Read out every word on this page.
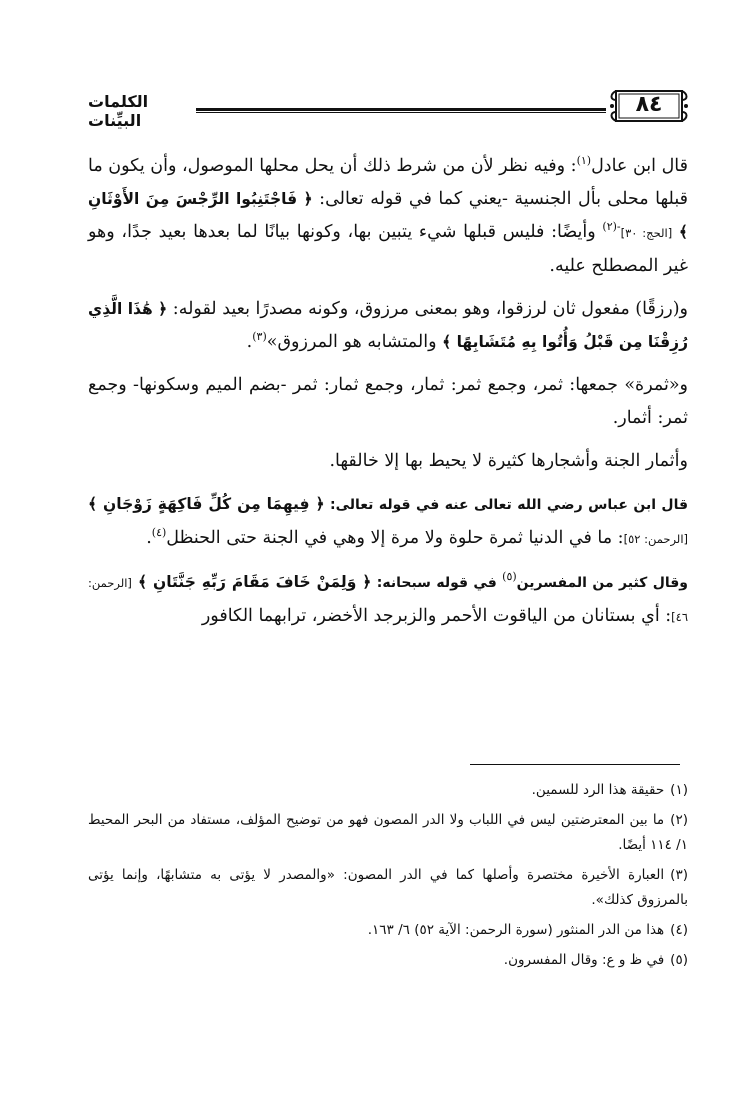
٨٤
الكلمات البيِّنات

قال ابن عادل$^{(١)}$: وفيه نظر لأن من شرط ذلك أن يحل محلها الموصول، وأن يكون ما قبلها محلى بأل الجنسية -يعني كما في قوله تعالى: ﴿ فَاجْتَنِبُوا الرِّجْسَ مِنَ الأَوْثَانِ ﴾ [الحج: ٣٠]$^{-(٢)}$ وأيضًا: فليس قبلها شيء يتبين بها، وكونها بيانًا لما بعدها بعيد جدًا، وهو غير المصطلح عليه.

و(رزقًا) مفعول ثان لرزقوا، وهو بمعنى مرزوق، وكونه مصدرًا بعيد لقوله: ﴿ هَٰذَا الَّذِي رُزِقْنَا مِن قَبْلُ وَأُتُوا بِهِ مُتَشَابِهًا ﴾ والمتشابه هو المرزوق»$^{(٣)}$.

و«ثمرة» جمعها: ثمر، وجمع ثمر: ثمار، وجمع ثمار: ثمر -بضم الميم وسكونها- وجمع ثمر: أثمار.

وأثمار الجنة وأشجارها كثيرة لا يحيط بها إلا خالقها.

قال ابن عباس رضي الله تعالى عنه في قوله تعالى: ﴿ فِيهِمَا مِن كُلِّ فَاكِهَةٍ زَوْجَانِ ﴾ [الرحمن: ٥٢]: ما في الدنيا ثمرة حلوة ولا مرة إلا وهي في الجنة حتى الحنظل$^{(٤)}$.

وقال كثير من المفسرين$^{(٥)}$ في قوله سبحانه: ﴿ وَلِمَنْ خَافَ مَقَامَ رَبِّهِ جَنَّتَانِ ﴾ [الرحمن: ٤٦]: أي بستانان من الياقوت الأحمر والزبرجد الأخضر، ترابهما الكافور

(١)حقيقة هذا الرد للسمين.

(٢)ما بين المعترضتين ليس في اللباب ولا الدر المصون فهو من توضيح المؤلف، مستفاد من البحر المحيط ١/ ١١٤ أيضًا.

(٣)العبارة الأخيرة مختصرة وأصلها كما في الدر المصون: «والمصدر لا يؤتى به متشابهًا، وإنما يؤتى بالمرزوق كذلك».

(٤)هذا من الدر المنثور (سورة الرحمن: الآية ٥٢) ٦/ ١٦٣.

(٥)في ظ و ع: وقال المفسرون.
